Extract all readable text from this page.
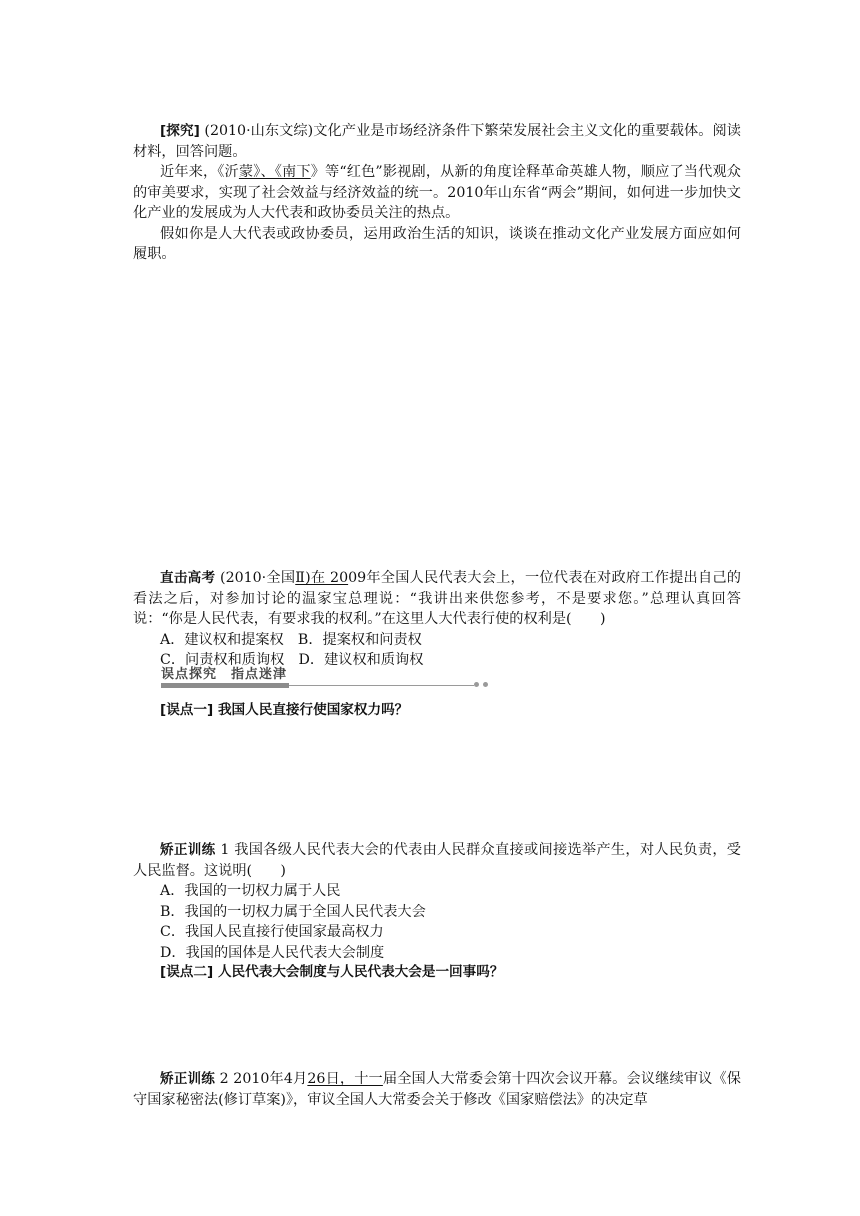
[探究] (2010·山东文综)文化产业是市场经济条件下繁荣发展社会主义文化的重要载体。阅读材料，回答问题。

近年来，《沂蒙》、《南下》等“红色”影视剧，从新的角度诠释革命英雄人物，顺应了当代观众的审美要求，实现了社会效益与经济效益的统一。2010年山东省“两会”期间，如何进一步加快文化产业的发展成为人大代表和政协委员关注的热点。

假如你是人大代表或政协委员，运用政治生活的知识，谈谈在推动文化产业发展方面应如何履职。

直击高考 (2010·全国Ⅱ)在 2009年全国人民代表大会上，一位代表在对政府工作提出自己的看法之后，对参加讨论的温家宝总理说：“我讲出来供您参考，不是要求您。”总理认真回答说：“你是人民代表，有要求我的权利。”在这里人大代表行使的权利是(　　)

A．建议权和提案权　B．提案权和问责权

C．问责权和质询权　D．建议权和质询权

误点探究　指点迷津

[误点一] 我国人民直接行使国家权力吗？

矫正训练 1 我国各级人民代表大会的代表由人民群众直接或间接选举产生，对人民负责，受人民监督。这说明(　　)

A．我国的一切权力属于人民

B．我国的一切权力属于全国人民代表大会

C．我国人民直接行使国家最高权力

D．我国的国体是人民代表大会制度

[误点二] 人民代表大会制度与人民代表大会是一回事吗？

矫正训练 2 2010年4月26日，十一届全国人大常委会第十四次会议开幕。会议继续审议《保守国家秘密法(修订草案)》，审议全国人大常委会关于修改《国家赔偿法》的决定草
